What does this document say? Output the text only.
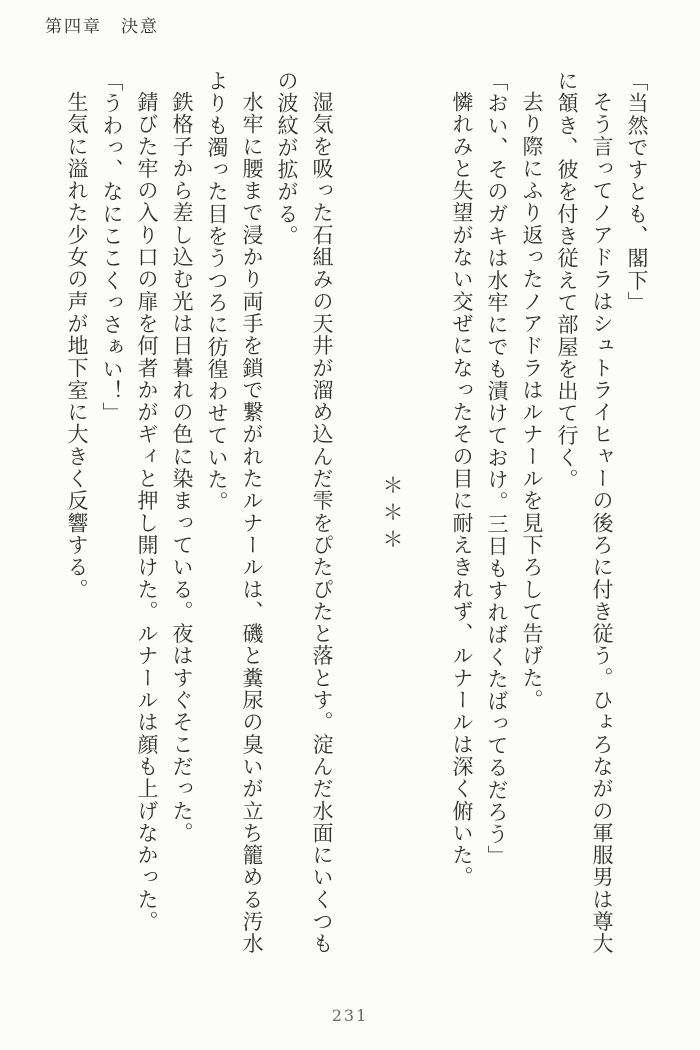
第四章　決意

「当然ですとも、閣下」

そう言ってノアドラはシュトライヒャーの後ろに付き従う。ひょろながの軍服男は尊大に頷き、彼を付き従えて部屋を出て行く。

去り際にふり返ったノアドラはルナールを見下ろして告げた。

「おい、そのガキは水牢にでも漬けておけ。三日もすればくたばってるだろう」

憐れみと失望がない交ぜになったその目に耐えきれず、ルナールは深く俯いた。

＊＊＊

湿気を吸った石組みの天井が溜め込んだ雫をぴたぴたと落とす。淀んだ水面にいくつもの波紋が拡がる。

水牢に腰まで浸かり両手を鎖で繋がれたルナールは、磯と糞尿の臭いが立ち籠める汚水よりも濁った目をうつろに彷徨わせていた。

鉄格子から差し込む光は日暮れの色に染まっている。夜はすぐそこだった。

錆びた牢の入り口の扉を何者かがギィと押し開けた。ルナールは顔も上げなかった。

「うわっ、なにここくっさぁい！」

生気に溢れた少女の声が地下室に大きく反響する。

231
